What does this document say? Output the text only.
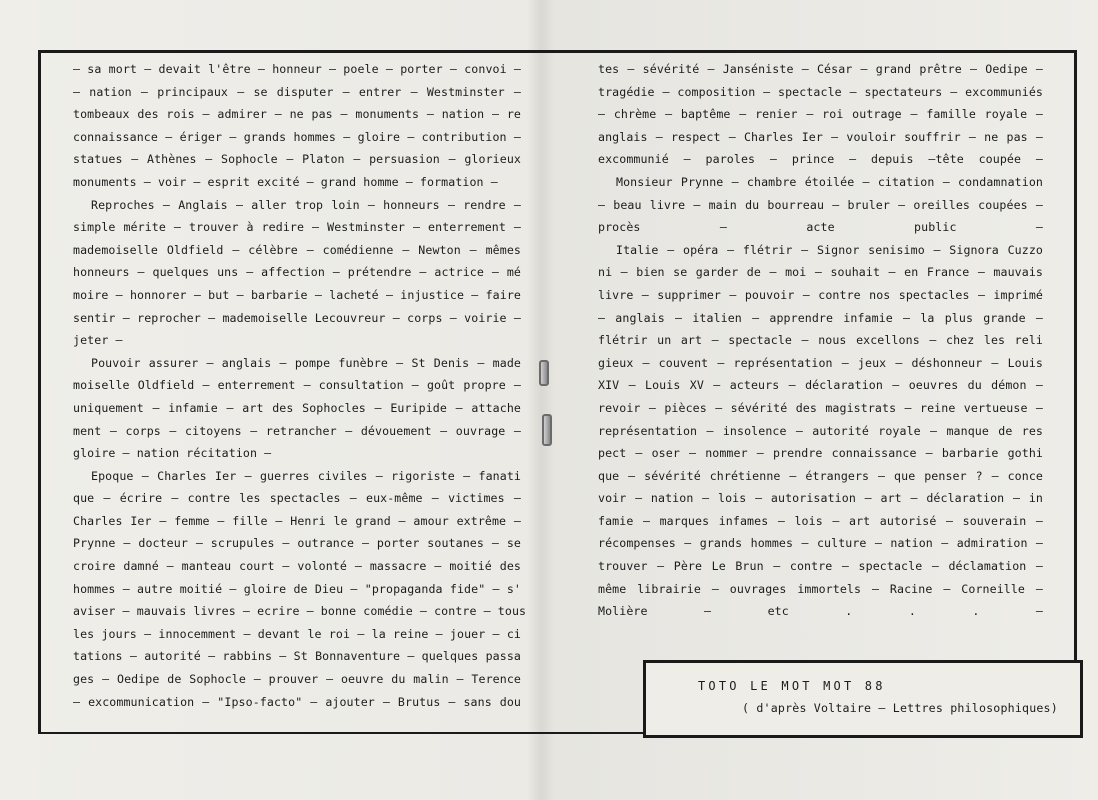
– sa mort – devait l'être – honneur – poele – porter – convoi –
– nation – principaux – se disputer – entrer – Westminster –
tombeaux des rois – admirer – ne pas – monuments – nation – re
connaissance – ériger – grands hommes – gloire – contribution –
statues – Athènes – Sophocle – Platon – persuasion – glorieux
monuments – voir – esprit excité – grand homme – formation –
Reproches – Anglais – aller trop loin – honneurs – rendre –
simple mérite – trouver à redire – Westminster – enterrement –
mademoiselle Oldfield – célèbre – comédienne – Newton – mêmes
honneurs – quelques uns – affection – prétendre – actrice – mé
moire – honnorer – but – barbarie – lacheté – injustice – faire
sentir – reprocher – mademoiselle Lecouvreur – corps – voirie –
jeter –
Pouvoir assurer – anglais – pompe funèbre – St Denis – made
moiselle Oldfield – enterrement – consultation – goût propre –
uniquement – infamie – art des Sophocles – Euripide – attache
ment – corps – citoyens – retrancher – dévouement – ouvrage –
gloire – nation récitation –
Epoque – Charles Ier – guerres civiles – rigoriste – fanati
que – écrire – contre les spectacles – eux-même – victimes –
Charles Ier – femme – fille – Henri le grand – amour extrême –
Prynne – docteur – scrupules – outrance – porter soutanes – se
croire damné – manteau court – volonté – massacre – moitié des
hommes – autre moitié – gloire de Dieu – "propaganda fide" – s'
aviser – mauvais livres – ecrire – bonne comédie – contre – tous
les jours – innocemment – devant le roi – la reine – jouer – ci
tations – autorité – rabbins – St Bonnaventure – quelques passa
ges – Oedipe de Sophocle – prouver – oeuvre du malin – Terence
– excommunication – "Ipso-facto" – ajouter – Brutus – sans dou
tes – sévérité – Janséniste – César – grand prêtre – Oedipe –
tragédie – composition – spectacle – spectateurs – excommuniés
– chrème – baptême – renier – roi outrage – famille royale –
anglais – respect – Charles Ier – vouloir souffrir – ne pas –
excommunié – paroles – prince – depuis –tête coupée –
Monsieur Prynne – chambre étoilée – citation – condamnation
– beau livre – main du bourreau – bruler – oreilles coupées –
procès – acte public –
Italie – opéra – flétrir – Signor senisimo – Signora Cuzzo
ni – bien se garder de – moi – souhait – en France – mauvais
livre – supprimer – pouvoir – contre nos spectacles – imprimé
– anglais – italien – apprendre infamie – la plus grande –
flétrir un art – spectacle – nous excellons – chez les reli
gieux – couvent – représentation – jeux – déshonneur – Louis
XIV – Louis XV – acteurs – déclaration – oeuvres du démon –
revoir – pièces – sévérité des magistrats – reine vertueuse –
représentation – insolence – autorité royale – manque de res
pect – oser – nommer – prendre connaissance – barbarie gothi
que – sévérité chrétienne – étrangers – que penser ? – conce
voir – nation – lois – autorisation – art – déclaration – in
famie – marques infames – lois – art autorisé – souverain –
récompenses – grands hommes – culture – nation – admiration –
trouver – Père Le Brun – contre – spectacle – déclamation –
même librairie – ouvrages immortels – Racine – Corneille –
Molière – etc . . . –
TOTO LE MOT MOT 88
( d'après Voltaire – Lettres philosophiques)
